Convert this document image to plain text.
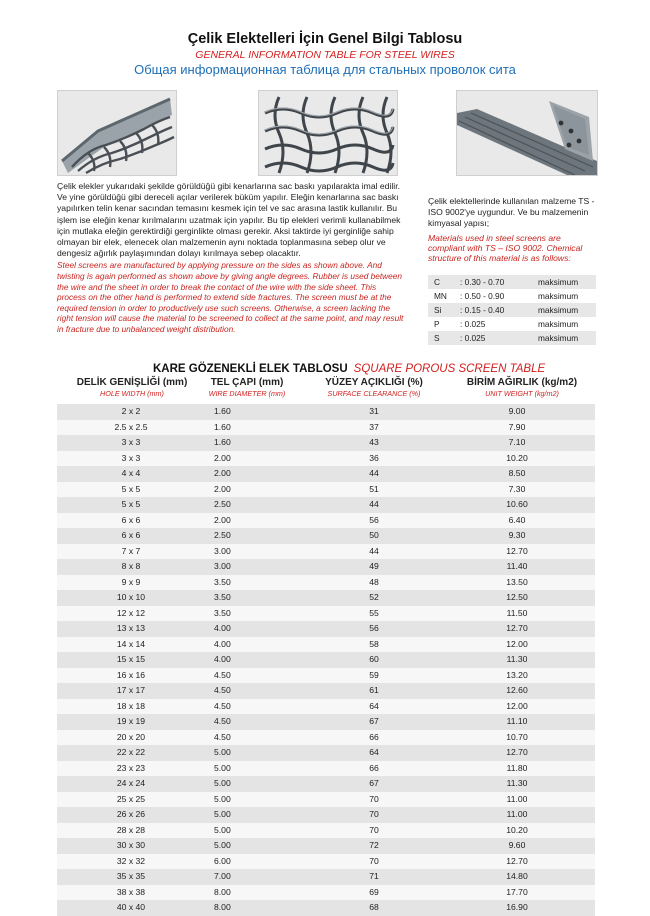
Çelik Elektelleri İçin Genel Bilgi Tablosu
GENERAL INFORMATION TABLE FOR STEEL WIRES
Общая информационная таблица для стальных проволок сита
Çelik elekler yukarıdaki şekilde görüldüğü gibi kenarlarına sac baskı yapılarakta imal edilir. Ve yine görüldüğü gibi dereceli açılar verilerek büküm yapılır. Eleğin kenarlarına sac baskı yapılırken telin kenar sacından temasını kesmek için tel ve sac arasına lastik kullanılır. Bu işlem ise eleğin kenar kırılmalarını uzatmak için yapılır. Bu tip elekleri verimli kullanabilmek için mutlaka eleğin gerektirdiği gerginlikte olması gerekir. Aksi taktirde iyi gerginliğe sahip olmayan bir elek, elenecek olan malzemenin aynı noktada toplanmasına sebep olur ve dengesiz ağırlık paylaşımından dolayı kırılmaya sebep olacaktır.
Steel screens are manufactured by applying pressure on the sides as shown above. And twisting is again performed as shown above by giving angle degrees. Rubber is used between the wire and the sheet in order to break the contact of the wire with the side sheet. This process on the other hand is performed to extend side fractures. The screen must be at the required tension in order to productively use such screens. Otherwise, a screen lacking the right tension will cause the material to be screened to collect at the same point, and may result in fracture due to unbalanced weight distribution.
Çelik elektellerinde kullanılan malzeme TS - ISO 9002'ye uygundur. Ve bu malzemenin kimyasal yapısı;
Materials used in steel screens are compliant with TS – ISO 9002. Chemical structure of this material is as follows:
C	: 0.30 - 0.70	maksimum
MN	: 0.50 - 0.90	maksimum
Si	: 0.15 - 0.40	maksimum
P	: 0.025	maksimum
S	: 0.025	maksimum
KARE GÖZENEKLİ ELEK TABLOSU SQUARE POROUS SCREEN TABLE
DELİK GENİŞLİĞİ (mm)
HOLE WIDTH (mm)
TEL ÇAPI (mm)
WIRE DIAMETER (mm)
YÜZEY AÇIKLIĞI (%)
SURFACE CLEARANCE (%)
BİRİM AĞIRLIK (kg/m2)
UNIT WEIGHT (kg/m2)
2 x 2	1.60	31	9.00
2.5 x 2.5	1.60	37	7.90
3 x 3	1.60	43	7.10
3 x 3	2.00	36	10.20
4 x 4	2.00	44	8.50
5 x 5	2.00	51	7.30
5 x 5	2.50	44	10.60
6 x 6	2.00	56	6.40
6 x 6	2.50	50	9.30
7 x 7	3.00	44	12.70
8 x 8	3.00	49	11.40
9 x 9	3.50	48	13.50
10 x 10	3.50	52	12.50
12 x 12	3.50	55	11.50
13 x 13	4.00	56	12.70
14 x 14	4.00	58	12.00
15 x 15	4.00	60	11.30
16 x 16	4.50	59	13.20
17 x 17	4.50	61	12.60
18 x 18	4.50	64	12.00
19 x 19	4.50	67	11.10
20 x 20	4.50	66	10.70
22 x 22	5.00	64	12.70
23 x 23	5.00	66	11.80
24 x 24	5.00	67	11.30
25 x 25	5.00	70	11.00
26 x 26	5.00	70	11.00
28 x 28	5.00	70	10.20
30 x 30	5.00	72	9.60
32 x 32	6.00	70	12.70
35 x 35	7.00	71	14.80
38 x 38	8.00	69	17.70
40 x 40	8.00	68	16.90
